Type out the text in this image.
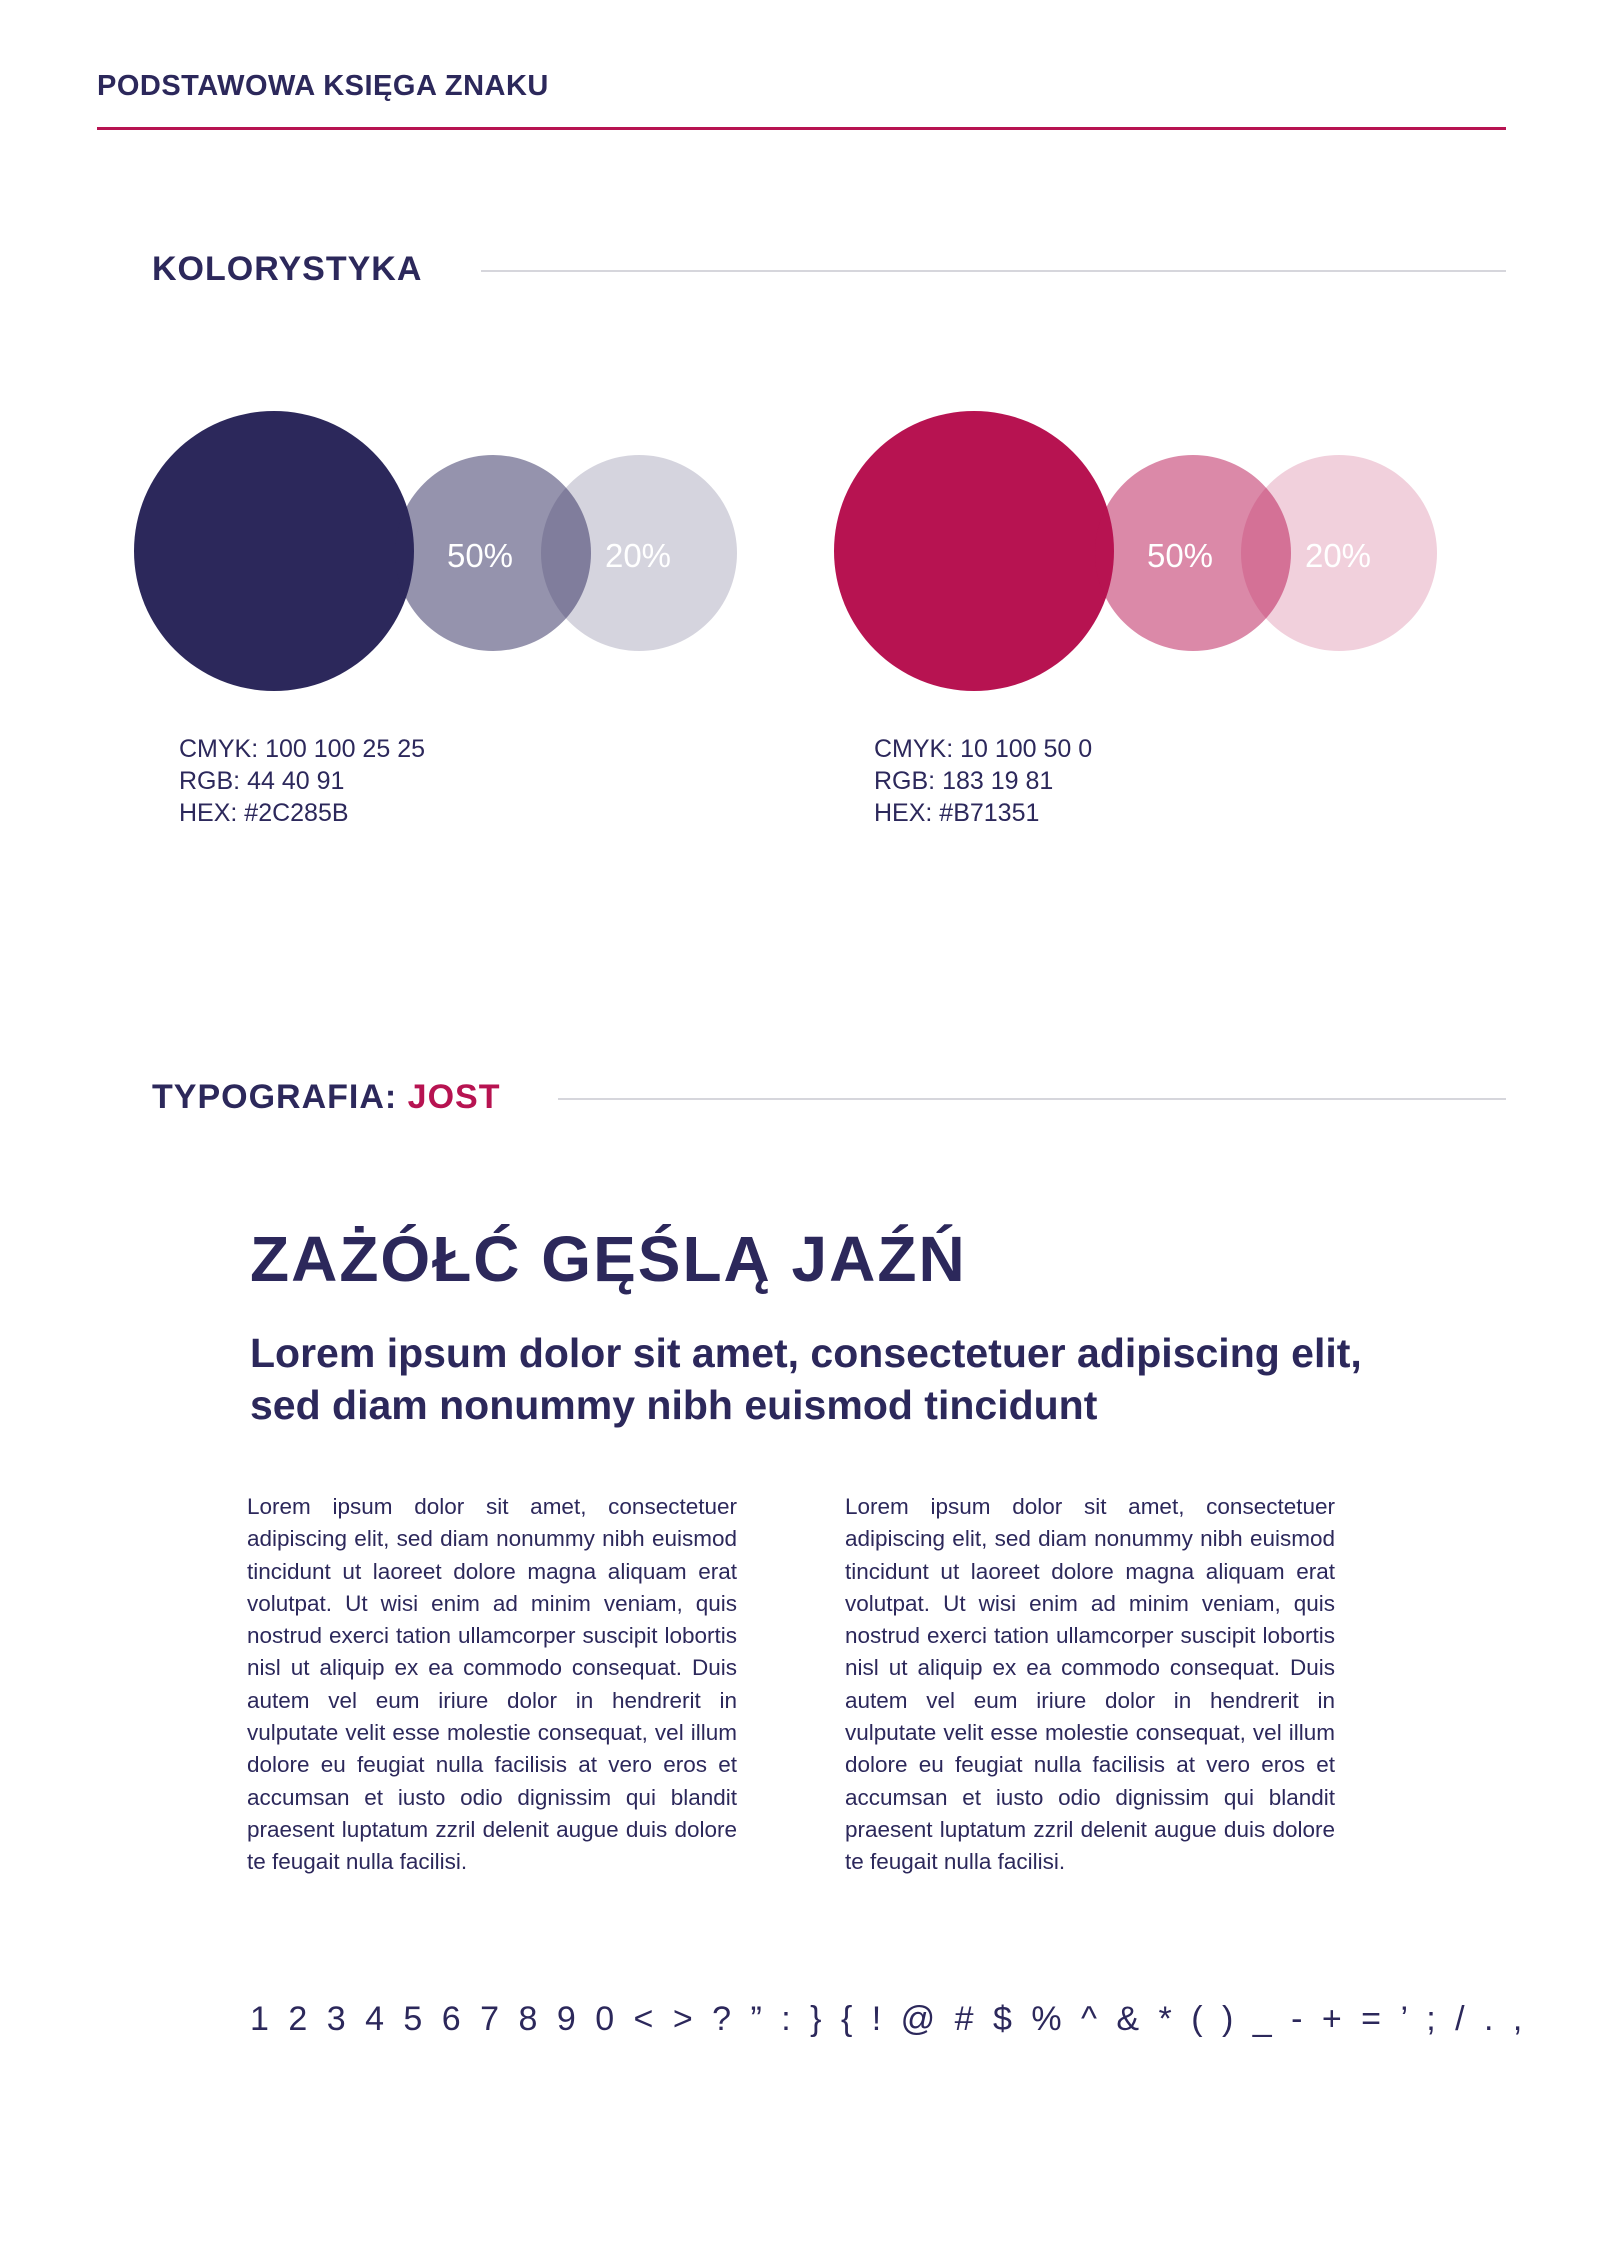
PODSTAWOWA KSIĘGA ZNAKU
KOLORYSTYKA
50%	20%
CMYK: 100 100 25 25
RGB: 44 40 91
HEX: #2C285B
50%	20%
CMYK: 10 100 50 0
RGB: 183 19 81
HEX: #B71351
TYPOGRAFIA: JOST
ZAŻÓŁĆ GĘŚLĄ JAŹŃ
Lorem ipsum dolor sit amet, consectetuer adipiscing elit, sed diam nonummy nibh euismod tincidunt
Lorem ipsum dolor sit amet, consectetuer adipiscing elit, sed diam nonummy nibh euismod tincidunt ut laoreet dolore magna aliquam erat volutpat. Ut wisi enim ad minim veniam, quis nostrud exerci tation ullamcorper suscipit lobortis nisl ut aliquip ex ea commodo consequat. Duis autem vel eum iriure dolor in hendrerit in vulputate velit esse molestie consequat, vel illum dolore eu feugiat nulla facilisis at vero eros et accumsan et iusto odio dignissim qui blandit praesent luptatum zzril delenit augue duis dolore te feugait nulla facilisi.
Lorem ipsum dolor sit amet, consectetuer adipiscing elit, sed diam nonummy nibh euismod tincidunt ut laoreet dolore magna aliquam erat volutpat. Ut wisi enim ad minim veniam, quis nostrud exerci tation ullamcorper suscipit lobortis nisl ut aliquip ex ea commodo consequat. Duis autem vel eum iriure dolor in hendrerit in vulputate velit esse molestie consequat, vel illum dolore eu feugiat nulla facilisis at vero eros et accumsan et iusto odio dignissim qui blandit praesent luptatum zzril delenit augue duis dolore te feugait nulla facilisi.
1 2 3 4 5 6 7 8 9 0 < > ? ” : } { ! @ # $ % ^ & * ( ) _ - + = ’ ; / . ,
